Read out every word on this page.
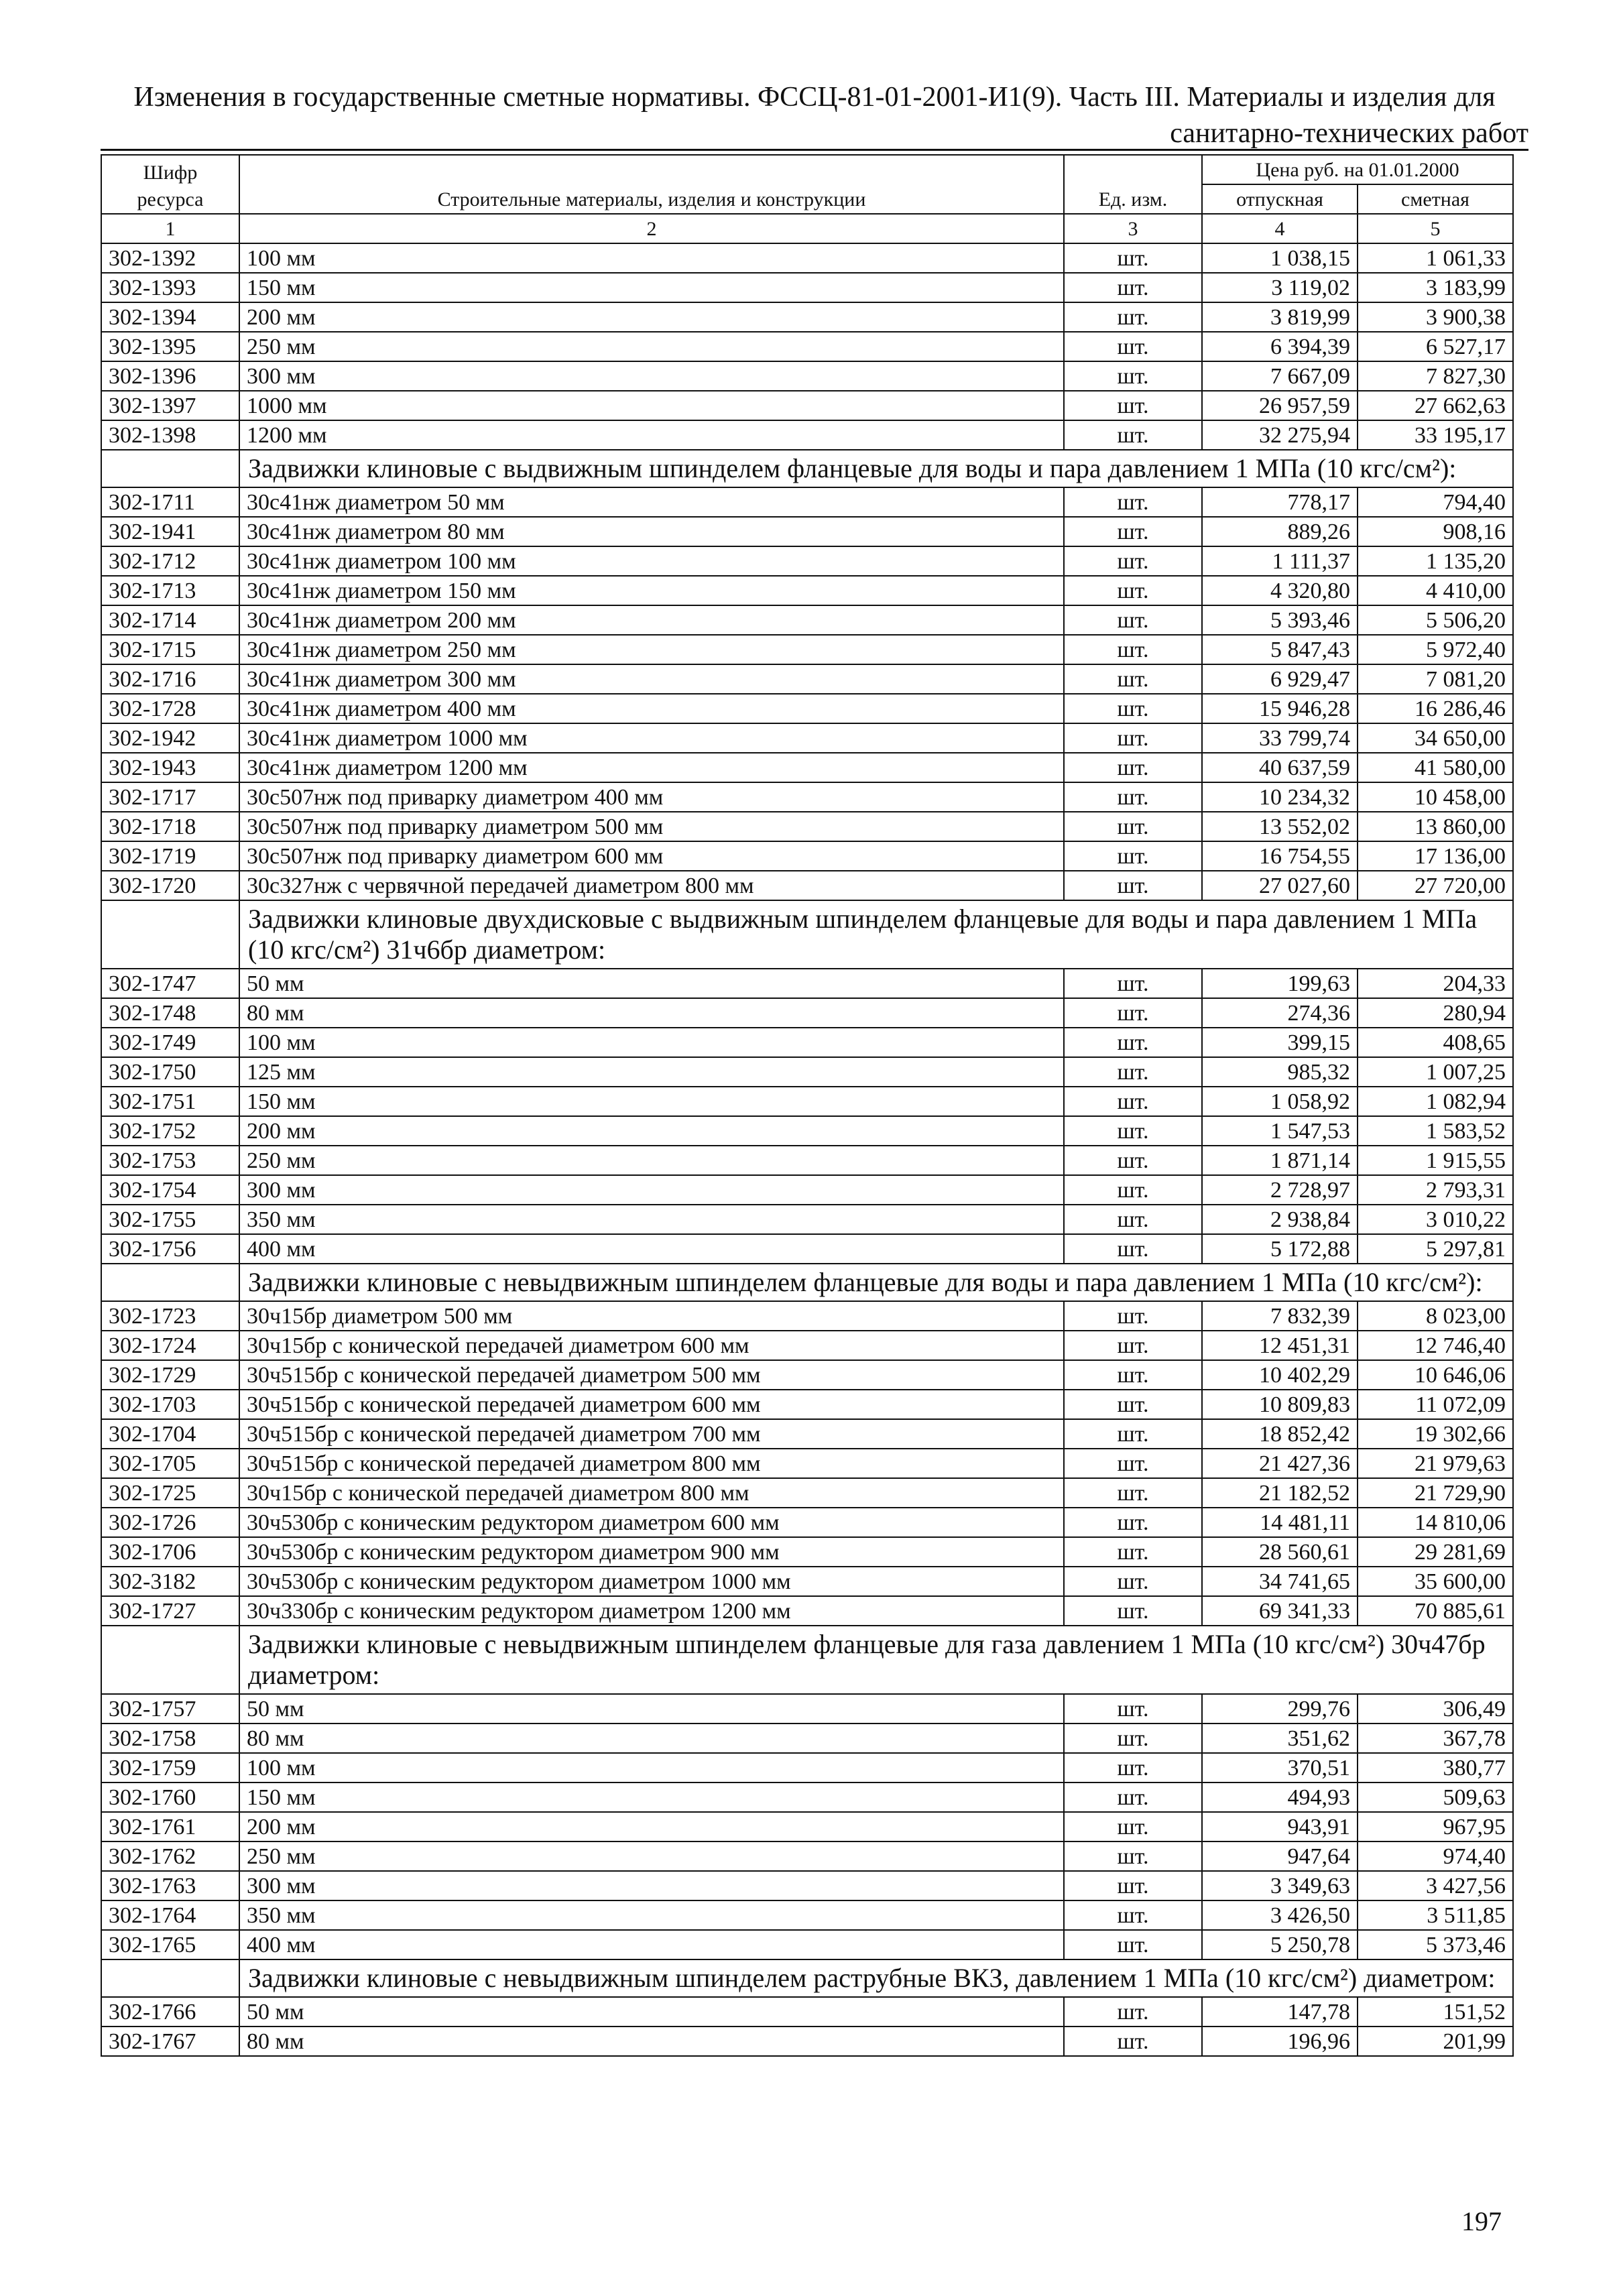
Изменения в государственные сметные нормативы. ФССЦ-81-01-2001-И1(9). Часть III. Материалы и изделия для
санитарно-технических работ
Шифр ресурса	Строительные материалы, изделия и конструкции	Ед. изм.	Цена руб. на 01.01.2000	
			отпускная	сметная
1	2	3	4	5
302-1392	100 мм	шт.	1 038,15	1 061,33
302-1393	150 мм	шт.	3 119,02	3 183,99
302-1394	200 мм	шт.	3 819,99	3 900,38
302-1395	250 мм	шт.	6 394,39	6 527,17
302-1396	300 мм	шт.	7 667,09	7 827,30
302-1397	1000 мм	шт.	26 957,59	27 662,63
302-1398	1200 мм	шт.	32 275,94	33 195,17
	Задвижки клиновые с выдвижным шпинделем фланцевые для воды и пара давлением 1 МПа (10 кгс/см²):			
302-1711	30с41нж диаметром 50 мм	шт.	778,17	794,40
302-1941	30с41нж диаметром 80 мм	шт.	889,26	908,16
302-1712	30с41нж диаметром 100 мм	шт.	1 111,37	1 135,20
302-1713	30с41нж диаметром 150 мм	шт.	4 320,80	4 410,00
302-1714	30с41нж диаметром 200 мм	шт.	5 393,46	5 506,20
302-1715	30с41нж диаметром 250 мм	шт.	5 847,43	5 972,40
302-1716	30с41нж диаметром 300 мм	шт.	6 929,47	7 081,20
302-1728	30с41нж диаметром 400 мм	шт.	15 946,28	16 286,46
302-1942	30с41нж диаметром 1000 мм	шт.	33 799,74	34 650,00
302-1943	30с41нж диаметром 1200 мм	шт.	40 637,59	41 580,00
302-1717	30с507нж под приварку диаметром 400 мм	шт.	10 234,32	10 458,00
302-1718	30с507нж под приварку диаметром 500 мм	шт.	13 552,02	13 860,00
302-1719	30с507нж под приварку диаметром 600 мм	шт.	16 754,55	17 136,00
302-1720	30с327нж с червячной передачей диаметром 800 мм	шт.	27 027,60	27 720,00
	Задвижки клиновые двухдисковые с выдвижным шпинделем фланцевые для воды и пара давлением 1 МПа (10 кгс/см²) 31ч6бр диаметром:			
302-1747	50 мм	шт.	199,63	204,33
302-1748	80 мм	шт.	274,36	280,94
302-1749	100 мм	шт.	399,15	408,65
302-1750	125 мм	шт.	985,32	1 007,25
302-1751	150 мм	шт.	1 058,92	1 082,94
302-1752	200 мм	шт.	1 547,53	1 583,52
302-1753	250 мм	шт.	1 871,14	1 915,55
302-1754	300 мм	шт.	2 728,97	2 793,31
302-1755	350 мм	шт.	2 938,84	3 010,22
302-1756	400 мм	шт.	5 172,88	5 297,81
	Задвижки клиновые с невыдвижным шпинделем фланцевые для воды и пара давлением 1 МПа (10 кгс/см²):			
302-1723	30ч15бр диаметром 500 мм	шт.	7 832,39	8 023,00
302-1724	30ч15бр с конической передачей диаметром 600 мм	шт.	12 451,31	12 746,40
302-1729	30ч515бр с конической передачей диаметром 500 мм	шт.	10 402,29	10 646,06
302-1703	30ч515бр с конической передачей диаметром 600 мм	шт.	10 809,83	11 072,09
302-1704	30ч515бр с конической передачей диаметром 700 мм	шт.	18 852,42	19 302,66
302-1705	30ч515бр с конической передачей диаметром 800 мм	шт.	21 427,36	21 979,63
302-1725	30ч15бр с конической передачей диаметром 800 мм	шт.	21 182,52	21 729,90
302-1726	30ч530бр с коническим редуктором диаметром 600 мм	шт.	14 481,11	14 810,06
302-1706	30ч530бр с коническим редуктором диаметром 900 мм	шт.	28 560,61	29 281,69
302-3182	30ч530бр с коническим редуктором диаметром 1000 мм	шт.	34 741,65	35 600,00
302-1727	30ч330бр с коническим редуктором диаметром 1200 мм	шт.	69 341,33	70 885,61
	Задвижки клиновые с невыдвижным шпинделем фланцевые для газа давлением 1 МПа (10 кгс/см²) 30ч47бр диаметром:			
302-1757	50 мм	шт.	299,76	306,49
302-1758	80 мм	шт.	351,62	367,78
302-1759	100 мм	шт.	370,51	380,77
302-1760	150 мм	шт.	494,93	509,63
302-1761	200 мм	шт.	943,91	967,95
302-1762	250 мм	шт.	947,64	974,40
302-1763	300 мм	шт.	3 349,63	3 427,56
302-1764	350 мм	шт.	3 426,50	3 511,85
302-1765	400 мм	шт.	5 250,78	5 373,46
	Задвижки клиновые с невыдвижным шпинделем раструбные ВКЗ, давлением 1 МПа (10 кгс/см²) диаметром:			
302-1766	50 мм	шт.	147,78	151,52
302-1767	80 мм	шт.	196,96	201,99
197
